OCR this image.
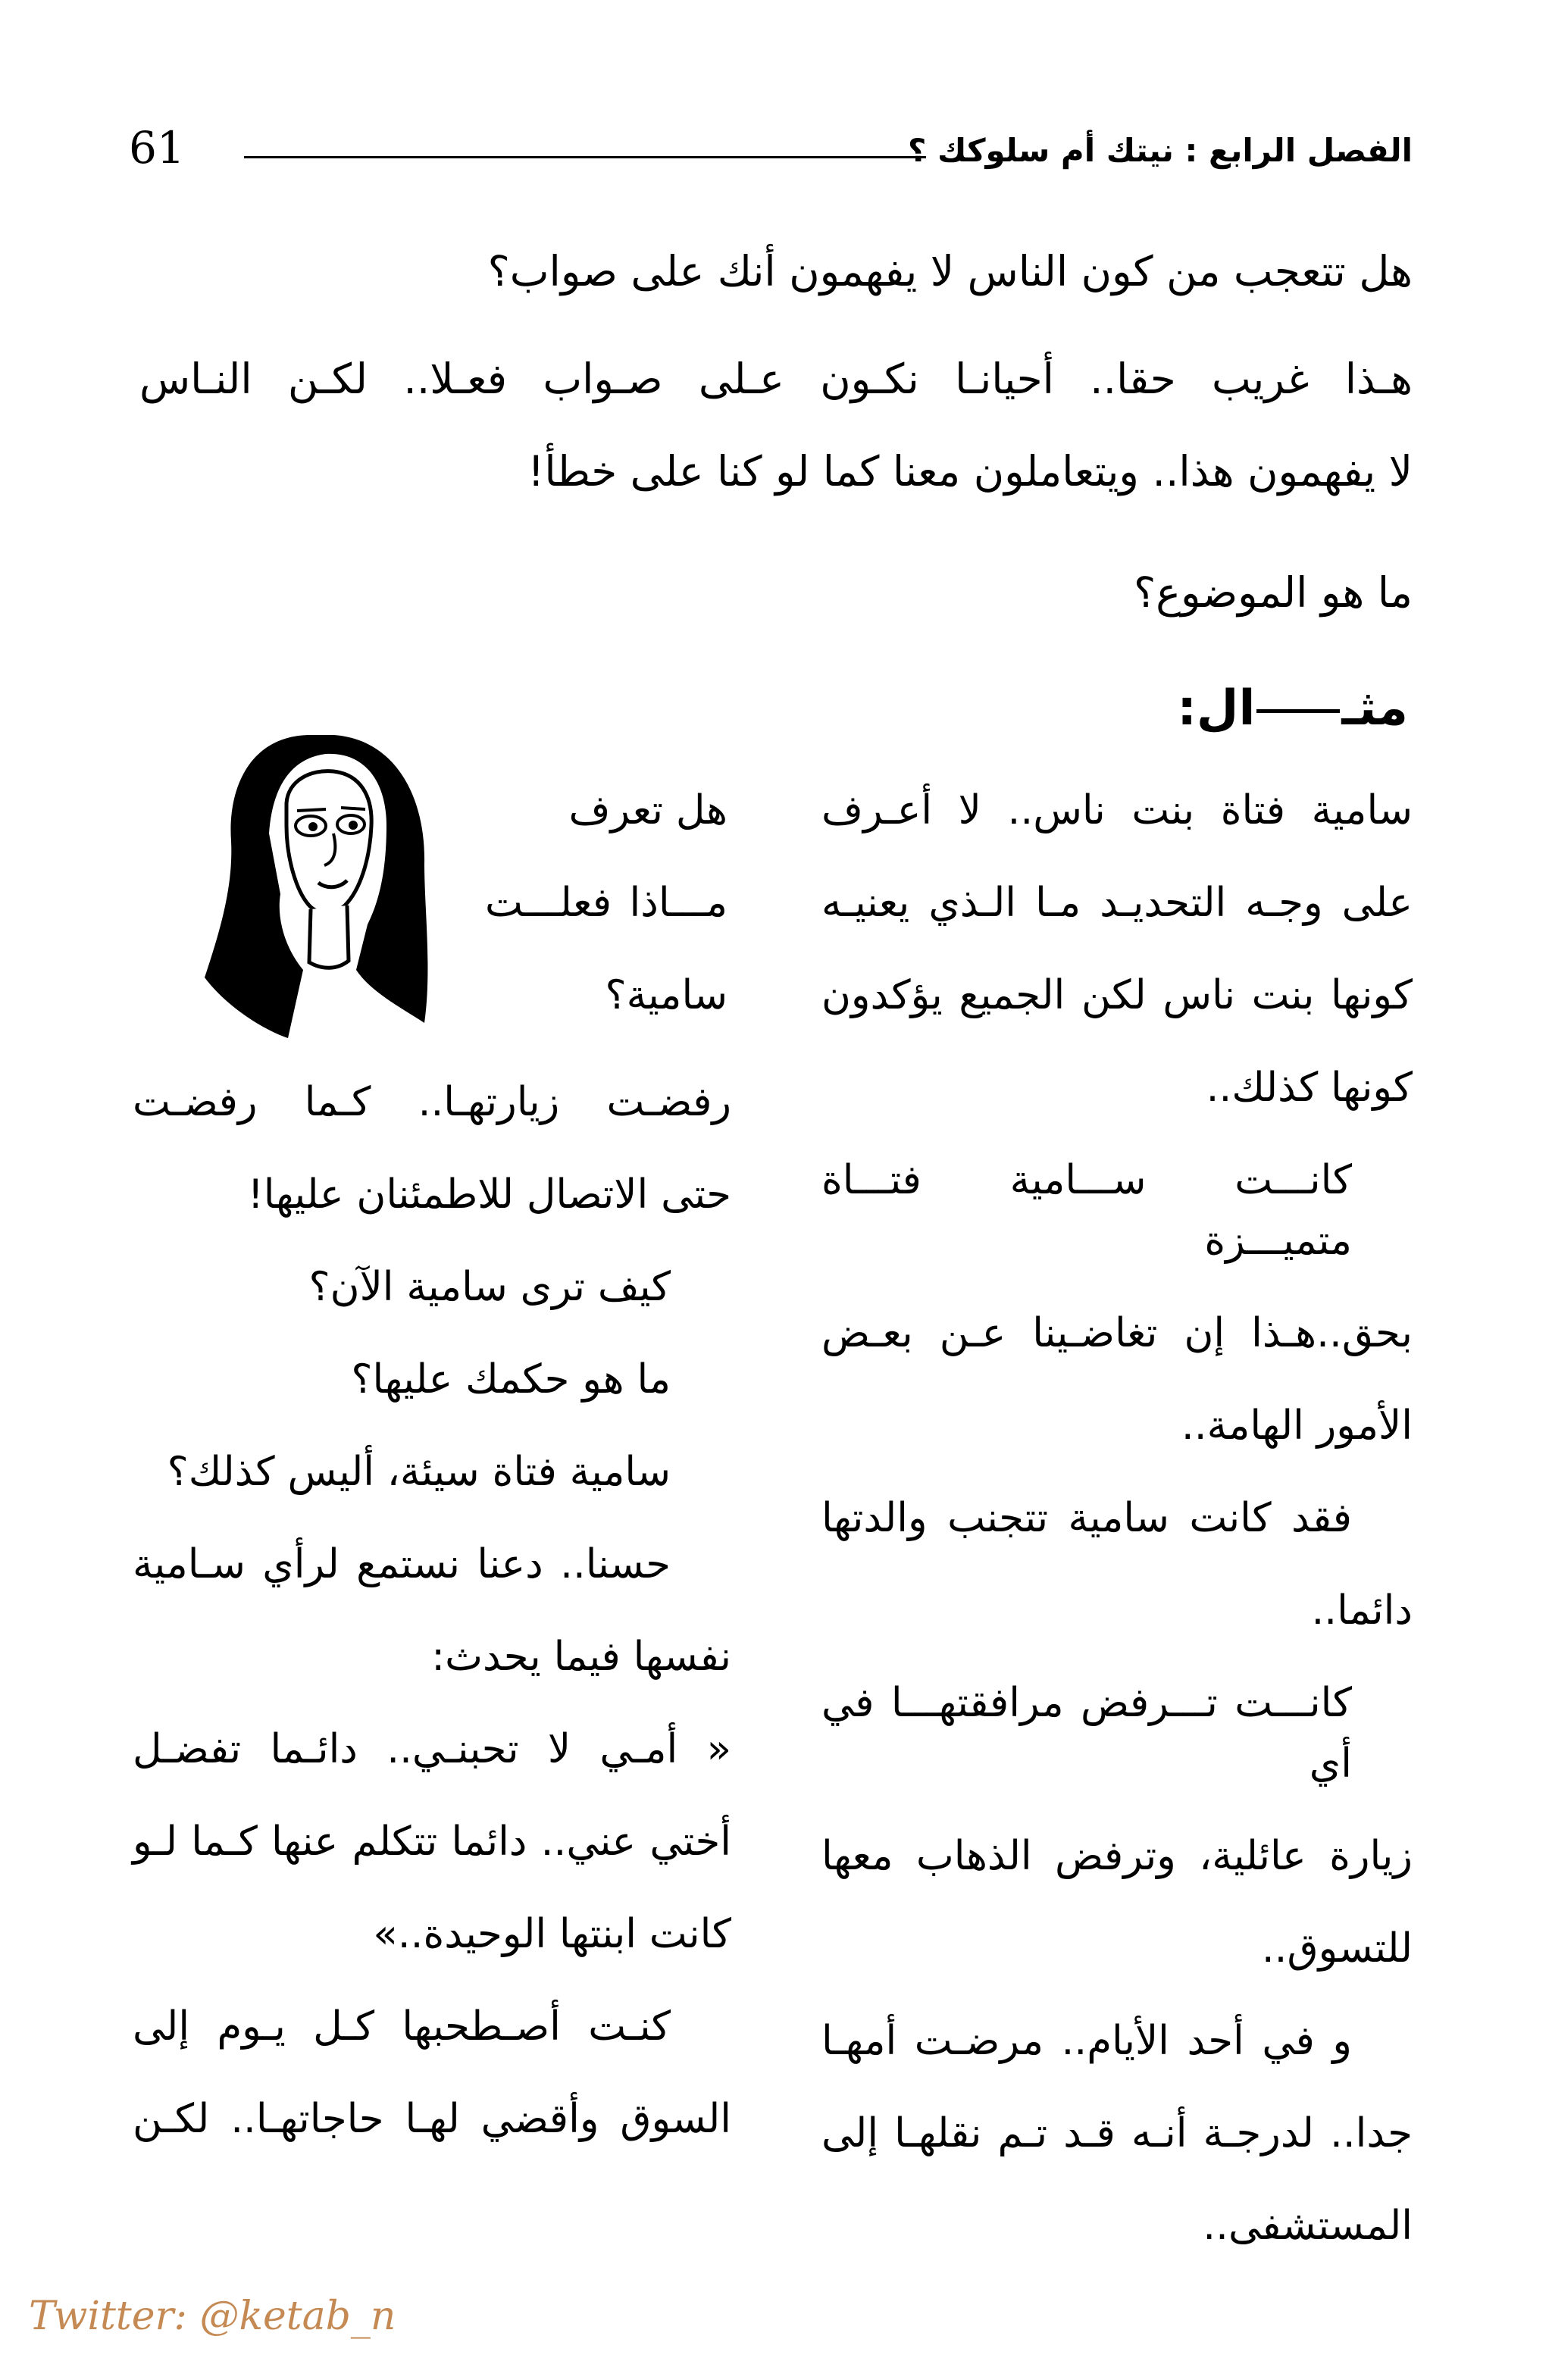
61	الفصل الرابع : نيتك أم سلوكك ؟
هل تتعجب من كون الناس لا يفهمون أنك على صواب؟
هـذا غريب حقا.. أحيانـا نكـون عـلى صـواب فعـلا.. لكـن النـاس
لا يفهمون هذا.. ويتعاملون معنا كما لو كنا على خطأ!
ما هو الموضوع؟
مثـال:

سامية فتاة بنت ناس.. لا أعـرف

على وجـه التحديـد مـا الـذي يعنيـه

كونها بنت ناس لكن الجميع يؤكدون

كونها كذلك..

كانـــت ســـامية فتـــاة متميـــزة

بحق..هـذا إن تغاضـينا عـن بعـض

الأمور الهامة..

فقد كانت سامية تتجنب والدتها

دائما..

كانـــت تـــرفض مرافقتهـــا في أي

زيارة عائلية، وترفض الذهاب معها

للتسوق..

و في أحد الأيام.. مرضـت أمهـا

جدا.. لدرجـة أنـه قـد تـم نقلهـا إلى

المستشفى..

هل تعرف

مـــاذا فعلـــت

سامية؟

رفضـت زيارتهـا.. كـما رفضـت

حتى الاتصال للاطمئنان عليها!

كيف ترى سامية الآن؟

ما هو حكمك عليها؟

سامية فتاة سيئة، أليس كذلك؟

حسنا.. دعنا نستمع لرأي سـامية

نفسها فيما يحدث:

« أمـي لا تحبنـي.. دائـما تفضـل

أختي عني.. دائما تتكلم عنها كـما لـو

كانت ابنتها الوحيدة..»

كنـت أصـطحبها كـل يـوم إلى

السوق وأقضي لهـا حاجاتهـا.. لكـن

Twitter: @ketab_n
